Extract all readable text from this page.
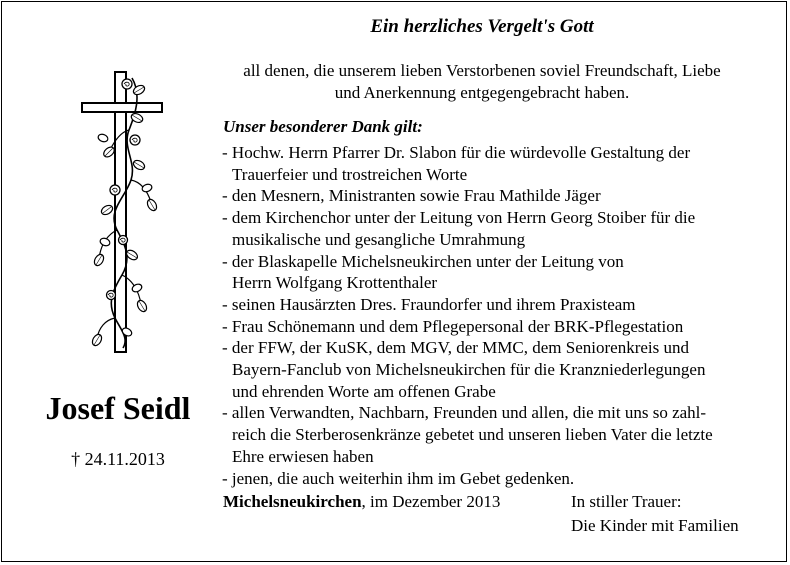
Ein herzliches Vergelt's Gott
all denen, die unserem lieben Verstorbenen soviel Freundschaft, Liebe
und Anerkennung entgegengebracht haben.
Unser besonderer Dank gilt:
- Hochw. Herrn Pfarrer Dr. Slabon für die würdevolle Gestaltung der
Trauerfeier und trostreichen Worte
- den Mesnern, Ministranten sowie Frau Mathilde Jäger
- dem Kirchenchor unter der Leitung von Herrn Georg Stoiber für die
musikalische und gesangliche Umrahmung
- der Blaskapelle Michelsneukirchen unter der Leitung von
Herrn Wolfgang Krottenthaler
- seinen Hausärzten Dres. Fraundorfer und ihrem Praxisteam
- Frau Schönemann und dem Pflegepersonal der BRK-Pflegestation
- der FFW, der KuSK, dem MGV, der MMC, dem Seniorenkreis und
Bayern-Fanclub von Michelsneukirchen für die Kranzniederlegungen
und ehrenden Worte am offenen Grabe
- allen Verwandten, Nachbarn, Freunden und allen, die mit uns so zahl-
reich die Sterberosenkränze gebetet und unseren lieben Vater die letzte
Ehre erwiesen haben
- jenen, die auch weiterhin ihm im Gebet gedenken.
Josef Seidl
† 24.11.2013
Michelsneukirchen, im Dezember 2013	In stiller Trauer:
Die Kinder mit Familien
